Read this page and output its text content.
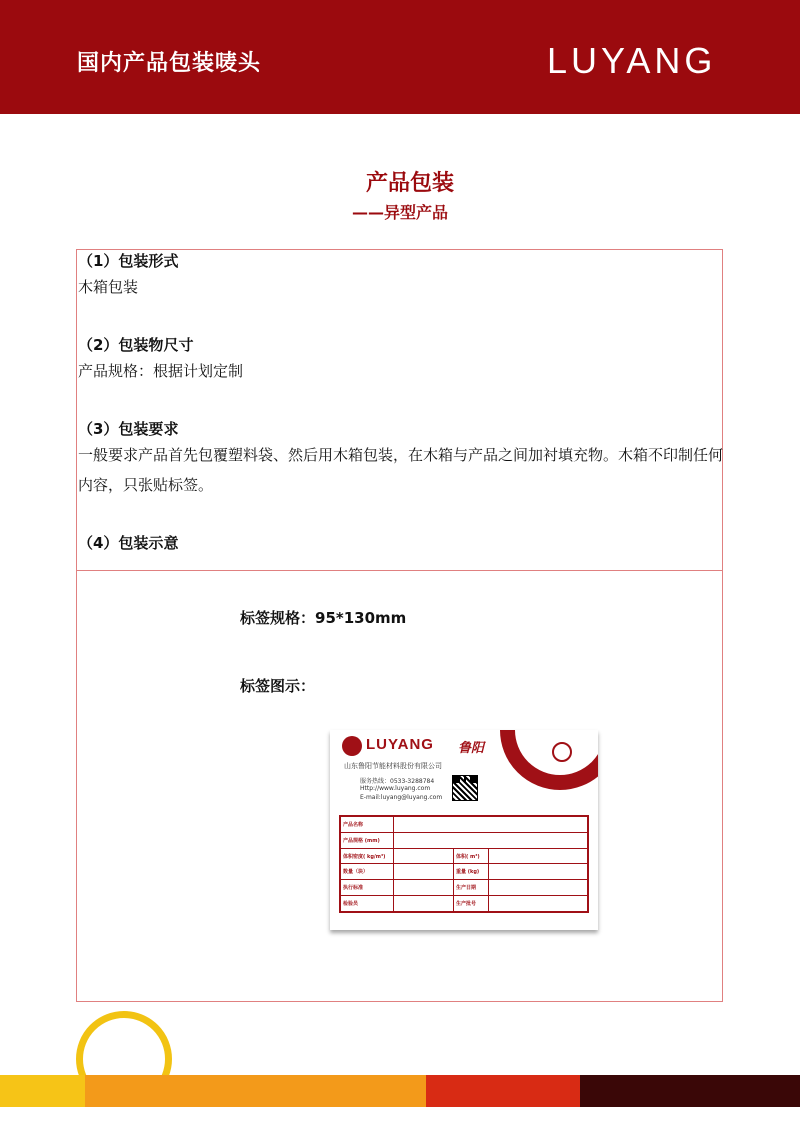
国内产品包装唛头	LUYANG
产品包装
——异型产品
（1）包装形式
木箱包装
（2）包装物尺寸
产品规格：根据计划定制
（3）包装要求
一般要求产品首先包覆塑料袋、然后用木箱包装，在木箱与产品之间加衬填充物。木箱不印制任何内容，只张贴标签。
（4）包装示意
标签规格：95*130mm
标签图示：
LUYANG 鲁阳
山东鲁阳节能材料股份有限公司
服务热线：0533-3288784
Http://www.luyang.com
E-mail:luyang@luyang.com
产品名称			
产品规格 (mm)			
体积密度( kg/m³)		体积( m³)	
数量（块）		重量 (kg)	
执行标准		生产日期	
检验员		生产批号	
